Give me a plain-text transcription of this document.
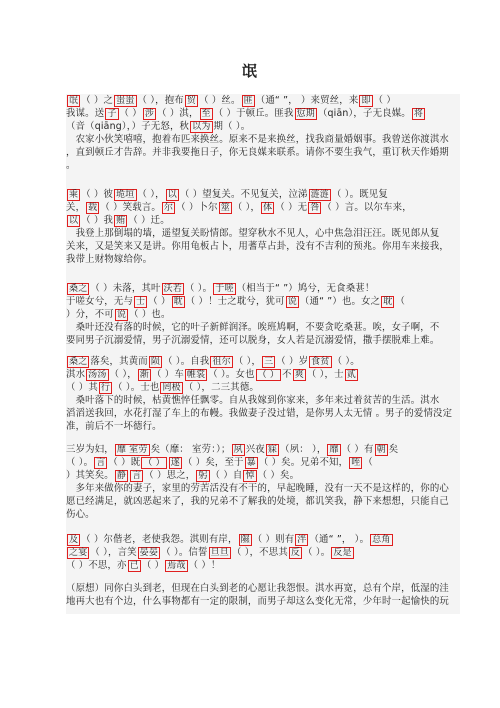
氓
氓 （ ）之 蚩蚩 （ ），抱布 贸 （ ）丝。 匪 （通“ ”， ）来贸丝，来 即 （ ）
我谋。送 子 （ ） 涉 （ ）淇， 至 （ ）于顿丘。匪我 愆期 （qiān），子无良媒。 将
（音（qiāng），）子无怒，秋 以为 期（ ）。
　农家小伙笑嘻嘻，抱着布匹来换丝。原来不是来换丝，找我商量婚姻事。我曾送你渡淇水
，直到顿丘才告辞。并非我要拖日子，你无良媒来联系。请你不要生我气，重订秋天作婚期
。
乘 （ ）彼 垝垣 （ ）， 以 （ ）望复关。不见复关，泣涕 涟涟 （ ）。既见复
关， 载 （ ）笑载言。 尔 （ ）卜尔 筮 （ ）， 体 （ ）无 咎 （ ）言。以尔车来，
以 （ ）我 贿 （ ）迁。
　我登上那倒塌的墙，遥望复关盼情郎。望穿秋水不见人，心中焦急泪汪汪。既见郎从复
关来，又是笑来又是讲。你用龟板占卜，用蓍草占卦，没有不吉利的预兆。你用车来接我，
我带上财物嫁给你。
桑之 （ ）未落，其叶 沃若 （ ）。 于嗟 （相当于“ ”）鸠兮，无食桑葚！
于嗟女兮，无与 士 （ ） 耽 （ ）！士之耽兮，犹可 说 （通“ ”）也。女之 耽 （
）分，不可 说 （ ）也。
　桑叶还没有落的时候，它的叶子新鲜润泽。唉班鸠啊，不要贪吃桑葚。唉，女子啊，不
要同男子沉溺爱情，男子沉溺爱情，还可以脱身，女人若是沉溺爱情，撒手摆脱难上难。
桑之 落矣，其黄而 陨 （ ）。自我 徂尔 （ ）， 三 （ ）岁 食贫 （ ）。
淇水 汤汤 （ ）， 渐 （ ）车 帷裳 （ ）。女也 （ ） 不 爽 （ ），士 贰
（ ）其 行 （ ）。士也 罔极 （ ），二三其德。
　桑叶落下的时候，枯黄憔悴任飘零。自从我嫁到你家来，多年来过着贫苦的生活。淇水
滔滔送我回，水花打湿了车上的布幔。我做妻子没过错，是你男人太无情 。男子的爱情没定
准，前后不一坏德行。
三岁为妇， 靡 室劳 矣（靡： 室劳：）； 夙 兴夜 寐 （夙： ）， 靡 （ ）有 朝 矣
（ ）。 言 （ ）既 （ ） 遂 （ ）矣，至于 暴 （ ）矣。兄弟不知， 咥 （
）其笑矣。 静 言 （ ）思之， 躬 （ ）自 悼 （ ）矣。
　多年来做你的妻子，家里的劳苦活没有不干的，早起晚睡，没有一天不是这样的，你的心
愿已经满足，就凶恶起来了，我的兄弟不了解我的处境，都讥笑我，静下来想想，只能自己
伤心。
及 （ ）尔偕老，老使我怨。淇则有岸， 隰 （ ）则有 泮 （通“ ”， ）。 总角
之宴 （ ），言笑 晏晏 （ ）。信誓 旦旦 （ ），不思其 反 （ ）。 反是
（ ）不思，亦 已 （ ） 焉哉 （ ）！
（原想）同你白头到老，但现在白头到老的心愿让我怨恨。淇水再宽，总有个岸，低湿的洼
地再大也有个边，什么事物都有一定的限制，而男子却这么变化无常，少年时一起愉快的玩
